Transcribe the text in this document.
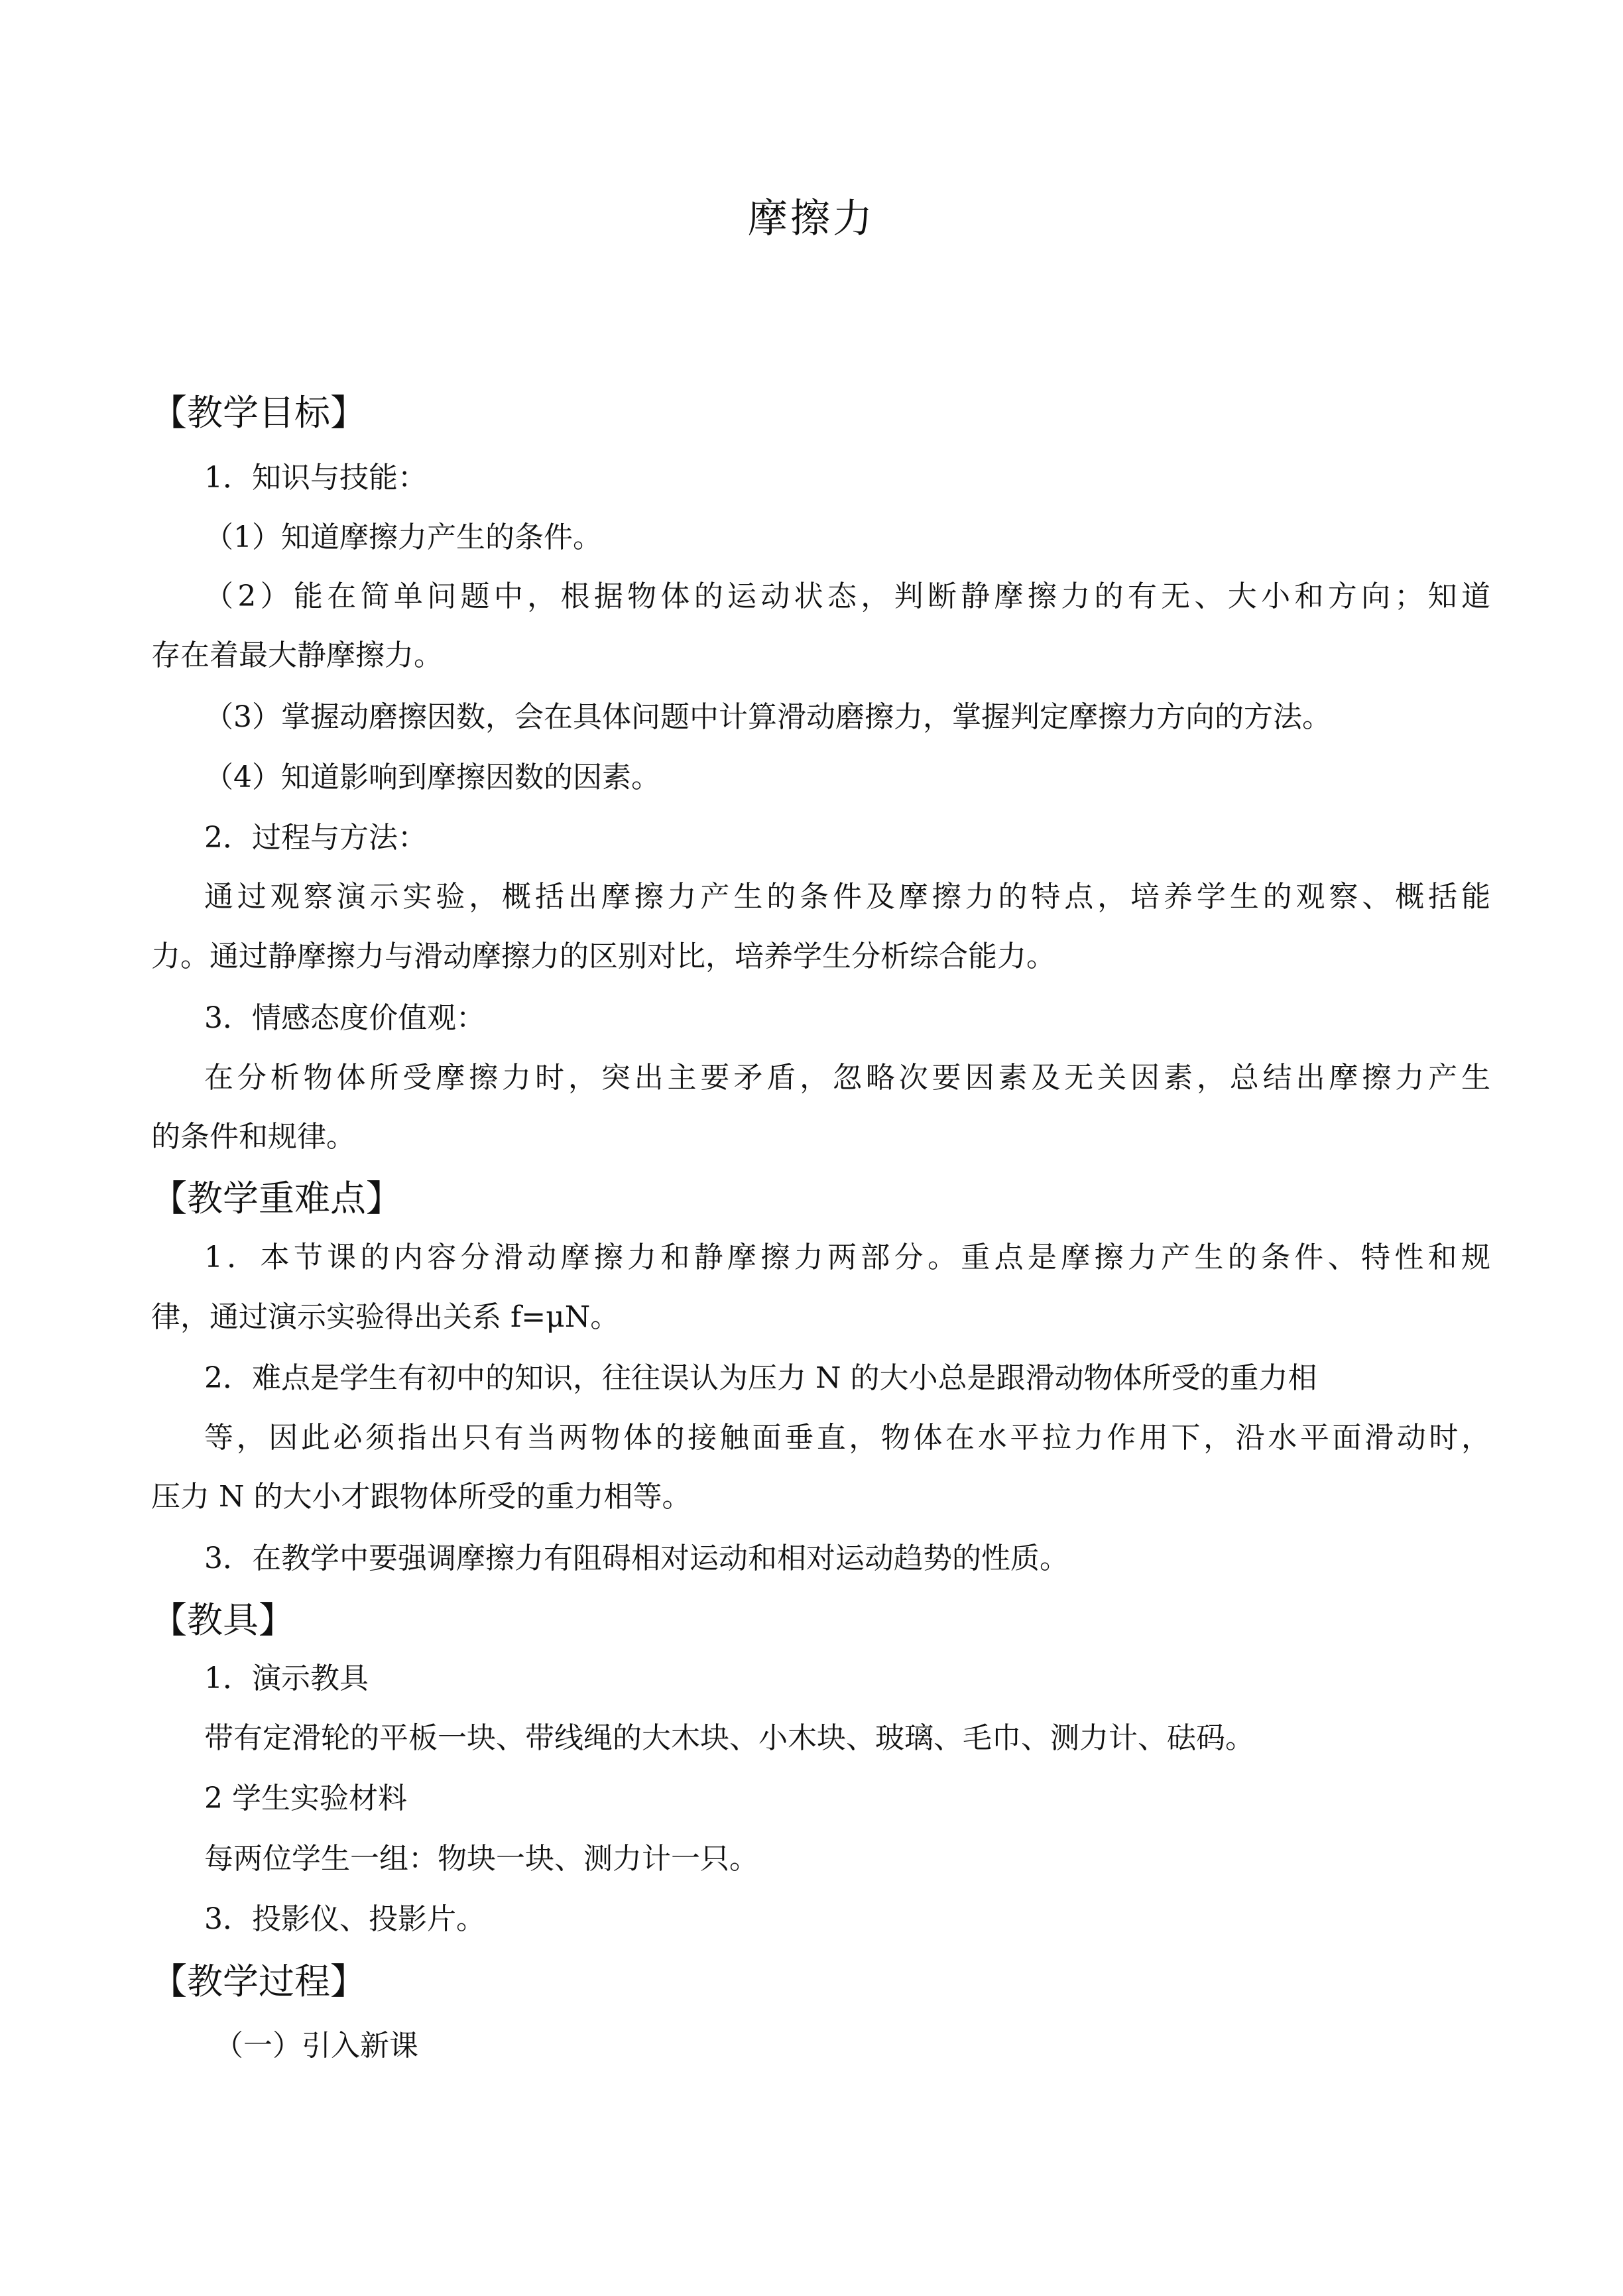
摩擦力
【教学目标】
1．知识与技能：
（1）知道摩擦力产生的条件。
（2）能在简单问题中，根据物体的运动状态，判断静摩擦力的有无、大小和方向；知道
存在着最大静摩擦力。
（3）掌握动磨擦因数，会在具体问题中计算滑动磨擦力，掌握判定摩擦力方向的方法。
（4）知道影响到摩擦因数的因素。
2．过程与方法：
通过观察演示实验，概括出摩擦力产生的条件及摩擦力的特点，培养学生的观察、概括能
力。通过静摩擦力与滑动摩擦力的区别对比，培养学生分析综合能力。
3．情感态度价值观：
在分析物体所受摩擦力时，突出主要矛盾，忽略次要因素及无关因素，总结出摩擦力产生
的条件和规律。
【教学重难点】
1．本节课的内容分滑动摩擦力和静摩擦力两部分。重点是摩擦力产生的条件、特性和规
律，通过演示实验得出关系 f=μN。
2．难点是学生有初中的知识，往往误认为压力 N 的大小总是跟滑动物体所受的重力相
等，因此必须指出只有当两物体的接触面垂直，物体在水平拉力作用下，沿水平面滑动时，
压力 N 的大小才跟物体所受的重力相等。
3．在教学中要强调摩擦力有阻碍相对运动和相对运动趋势的性质。
【教具】
1．演示教具
带有定滑轮的平板一块、带线绳的大木块、小木块、玻璃、毛巾、测力计、砝码。
2 学生实验材料
每两位学生一组：物块一块、测力计一只。
3．投影仪、投影片。
【教学过程】
（一）引入新课
